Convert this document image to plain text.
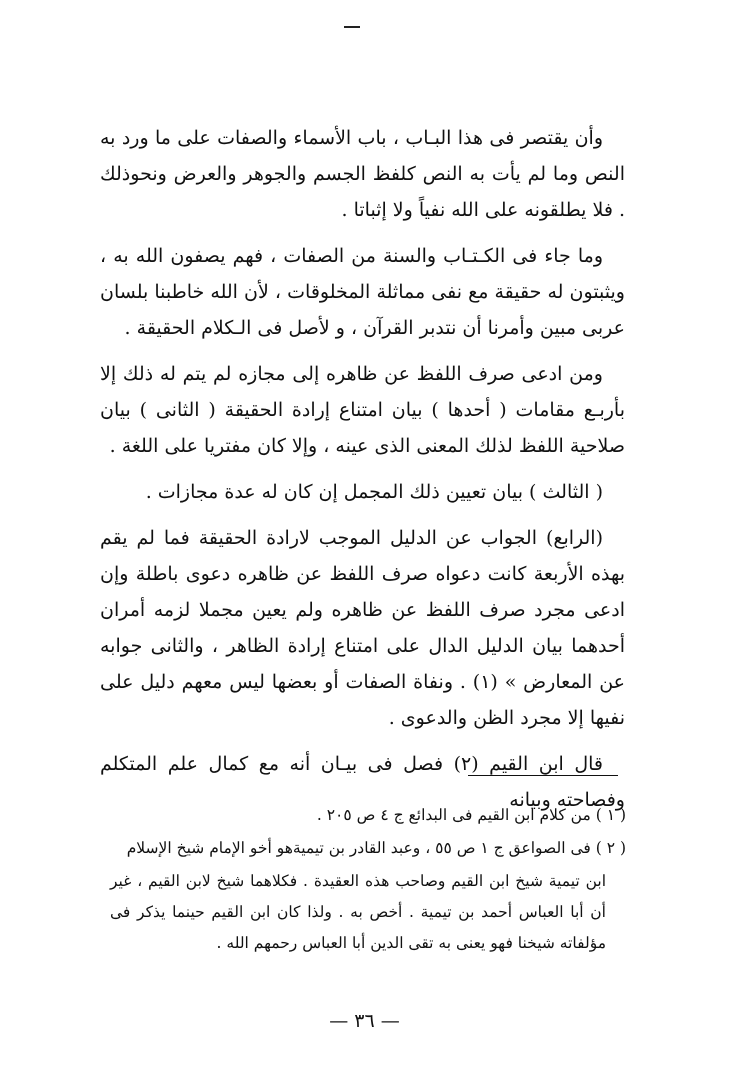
وأن يقتصر فى هذا البـاب ، باب الأسماء والصفات على ما ورد به النص وما لم يأت به النص كلفظ الجسم والجوهر والعرض ونحوذلك . فلا يطلقونه على الله نفياً ولا إثباتا .

وما جاء فى الكـتـاب والسنة من الصفات ، فهم يصفون الله به ، ويثبتون له حقيقة مع نفى مماثلة المخلوقات ، لأن الله خاطبنا بلسان عربى مبين وأمرنا أن نتدبر القرآن ، و لأصل فى الـكلام الحقيقة .

ومن ادعى صرف اللفظ عن ظاهره إلى مجازه لم يتم له ذلك إلا بأربـع مقامات ( أحدها ) بيان امتناع إرادة الحقيقة ( الثانى ) بيان صلاحية اللفظ لذلك المعنى الذى عينه ، وإلا كان مفتريا على اللغة .

( الثالث ) بيان تعيين ذلك المجمل إن كان له عدة مجازات .

(الرابع) الجواب عن الدليل الموجب لارادة الحقيقة فما لم يقم بهذه الأربعة كانت دعواه صرف اللفظ عن ظاهره دعوى باطلة وإن ادعى مجرد صرف اللفظ عن ظاهره ولم يعين مجملا لزمه أمران أحدهما بيان الدليل الدال على امتناع إرادة الظاهر ، والثانى جوابه عن المعارض » (١) . ونفاة الصفات أو بعضها ليس معهم دليل على نفيها إلا مجرد الظن والدعوى .

قال ابن القيم (٢) فصل فى بيـان أنه مع كمال علم المتكلم وفصاحته وبيانه

( ١ ) من كلام ابن القيم فى البدائع ج ٤ ص ٢٠٥ .

( ٢ ) فى الصواعق ج ١ ص ٥٥ ، وعبد القادر بن تيميةهو أخو الإمام شيخ الإسلام

ابن تيمية شيخ ابن القيم وصاحب هذه العقيدة . فكلاهما شيخ لابن القيم ، غير أن أبا العباس أحمد بن تيمية . أخص به . ولذا كان ابن القيم حينما يذكر فى مؤلفاته شيخنا فهو يعنى به تقى الدين أبا العباس رحمهم الله .

— ٣٦ —
